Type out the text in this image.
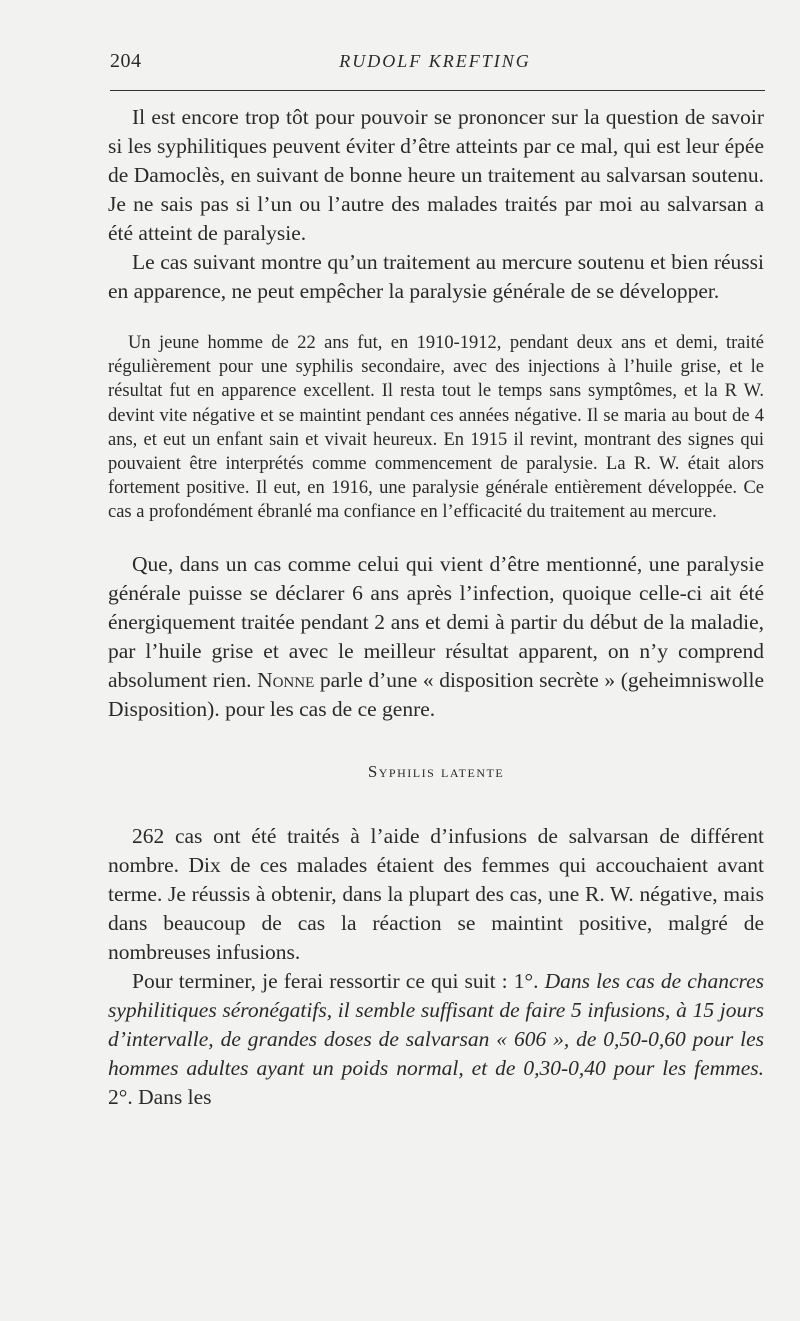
204	RUDOLF KREFTING

Il est encore trop tôt pour pouvoir se prononcer sur la question de savoir si les syphilitiques peuvent éviter d’être atteints par ce mal, qui est leur épée de Damoclès, en suivant de bonne heure un traitement au salvarsan soutenu. Je ne sais pas si l’un ou l’autre des malades traités par moi au salvarsan a été atteint de paralysie.

Le cas suivant montre qu’un traitement au mercure soutenu et bien réussi en apparence, ne peut empêcher la paralysie générale de se développer.

Un jeune homme de 22 ans fut, en 1910-1912, pendant deux ans et demi, traité régulièrement pour une syphilis secondaire, avec des injections à l’huile grise, et le résultat fut en apparence excellent. Il resta tout le temps sans symptômes, et la R W. devint vite négative et se maintint pendant ces années négative. Il se maria au bout de 4 ans, et eut un enfant sain et vivait heureux. En 1915 il revint, montrant des signes qui pouvaient être interprétés comme commencement de paralysie. La R. W. était alors fortement positive. Il eut, en 1916, une paralysie générale entièrement développée. Ce cas a profondément ébranlé ma confiance en l’efficacité du traitement au mercure.

Que, dans un cas comme celui qui vient d’être mentionné, une paralysie générale puisse se déclarer 6 ans après l’infection, quoique celle-ci ait été énergiquement traitée pendant 2 ans et demi à partir du début de la maladie, par l’huile grise et avec le meilleur résultat apparent, on n’y comprend absolument rien. Nonne parle d’une « disposition secrète » (geheimniswolle Disposition). pour les cas de ce genre.

Syphilis latente

262 cas ont été traités à l’aide d’infusions de salvarsan de différent nombre. Dix de ces malades étaient des femmes qui accouchaient avant terme. Je réussis à obtenir, dans la plupart des cas, une R. W. négative, mais dans beaucoup de cas la réaction se maintint positive, malgré de nombreuses infusions.

Pour terminer, je ferai ressortir ce qui suit : 1°. Dans les cas de chancres syphilitiques séronégatifs, il semble suffisant de faire 5 infusions, à 15 jours d’intervalle, de grandes doses de salvarsan « 606 », de 0,50-0,60 pour les hommes adultes ayant un poids normal, et de 0,30-0,40 pour les femmes. 2°. Dans les
